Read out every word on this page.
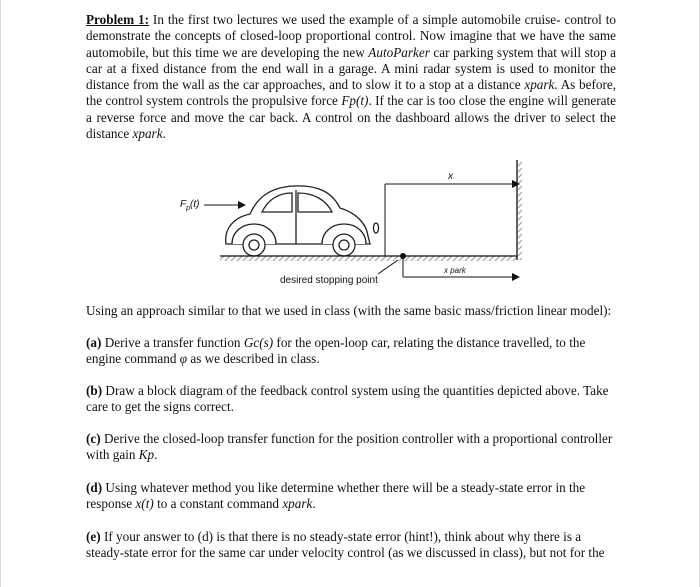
Problem 1: In the first two lectures we used the example of a simple automobile cruise- control to demonstrate the concepts of closed-loop proportional control. Now imagine that we have the same automobile, but this time we are developing the new AutoParker car parking system that will stop a car at a fixed distance from the end wall in a garage. A mini radar system is used to monitor the distance from the wall as the car approaches, and to slow it to a stop at a distance xpark. As before, the control system controls the propulsive force Fp(t). If the car is too close the engine will generate a reverse force and move the car back. A control on the dashboard allows the driver to select the distance xpark.

$F_p(t)$
x
x park
desired stopping point

Using an approach similar to that we used in class (with the same basic mass/friction linear model):

(a) Derive a transfer function Gc(s) for the open-loop car, relating the distance travelled, to the engine command φ as we described in class.

(b) Draw a block diagram of the feedback control system using the quantities depicted above. Take care to get the signs correct.

(c) Derive the closed-loop transfer function for the position controller with a proportional controller with gain Kp.

(d) Using whatever method you like determine whether there will be a steady-state error in the response x(t) to a constant command xpark.

(e) If your answer to (d) is that there is no steady-state error (hint!), think about why there is a steady-state error for the same car under velocity control (as we discussed in class), but not for the
